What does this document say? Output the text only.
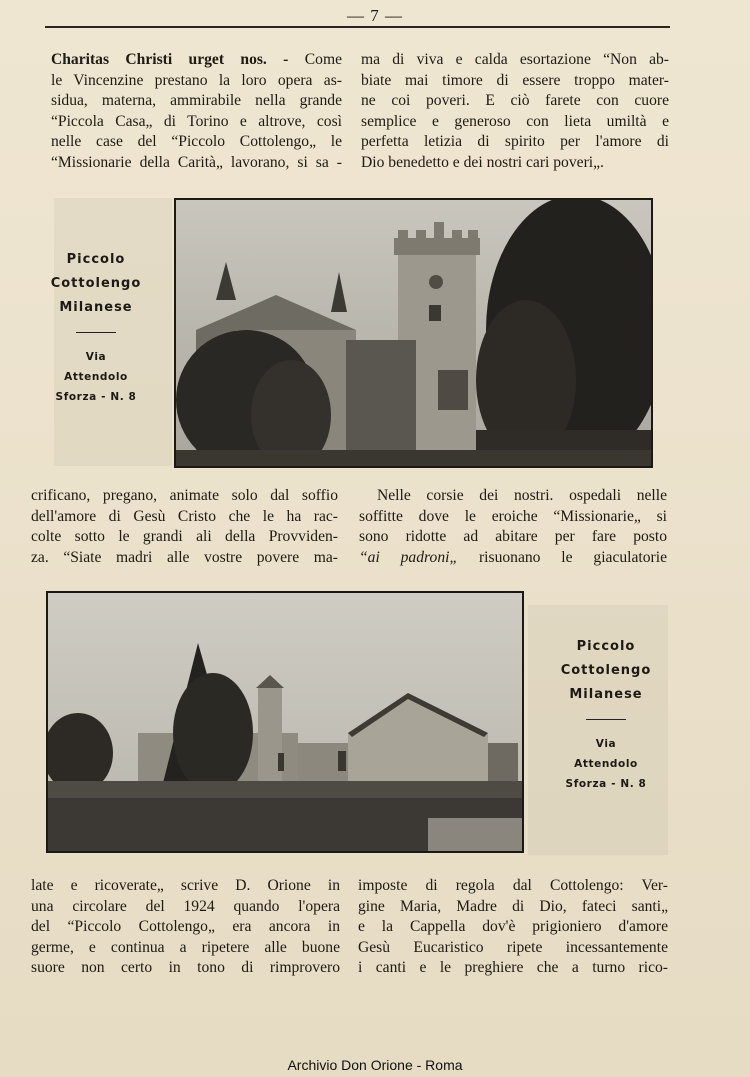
— 7 —
Charitas Christi urget nos. - Come
le Vincenzine prestano la loro opera as-
sidua, materna, ammirabile nella grande
“Piccola Casa„ di Torino e altrove, così
nelle case del “Piccolo Cottolengo„ le
“Missionarie della Carità„ lavorano, si sa -
ma di viva e calda esortazione “Non ab-
biate mai timore di essere troppo mater-
ne coi poveri. E ciò farete con cuore
semplice e generoso con lieta umiltà e
perfetta letizia di spirito per l'amore di
Dio benedetto e dei nostri cari poveri„.
Piccolo
Cottolengo
Milanese
Via
Attendolo
Sforza - N. 8
crificano, pregano, animate solo dal soffio
dell'amore di Gesù Cristo che le ha rac-
colte sotto le grandi ali della Provviden-
za. “Siate madri alle vostre povere ma-
Nelle corsie dei nostri. ospedali nelle
soffitte dove le eroiche “Missionarie„ si
sono ridotte ad abitare per fare posto
“ai padroni„ risuonano le giaculatorie
Piccolo
Cottolengo
Milanese
Via
Attendolo
Sforza - N. 8
late e ricoverate„ scrive D. Orione in
una circolare del 1924 quando l'opera
del “Piccolo Cottolengo„ era ancora in
germe, e continua a ripetere alle buone
suore non certo in tono di rimprovero
imposte di regola dal Cottolengo: Ver-
gine Maria, Madre di Dio, fateci santi„
e la Cappella dov'è prigioniero d'amore
Gesù Eucaristico ripete incessantemente
i canti e le preghiere che a turno rico-
Archivio Don Orione - Roma
